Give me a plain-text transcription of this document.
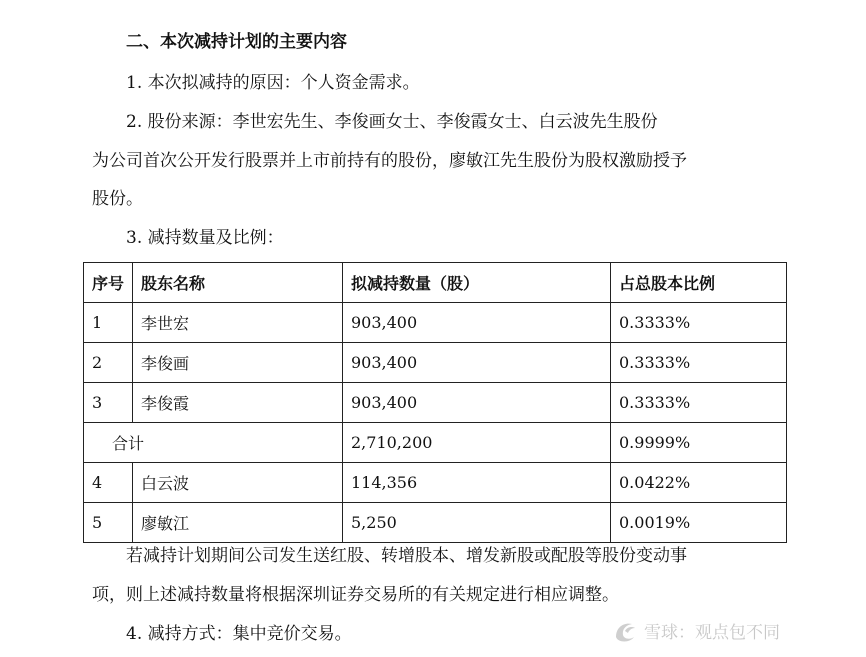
二、本次减持计划的主要内容
1. 本次拟减持的原因：个人资金需求。
2. 股份来源：李世宏先生、李俊画女士、李俊霞女士、白云波先生股份
为公司首次公开发行股票并上市前持有的股份，廖敏江先生股份为股权激励授予
股份。
3. 减持数量及比例：
序号	股东名称	拟减持数量（股）	占总股本比例
1	李世宏	903,400	0.3333%
2	李俊画	903,400	0.3333%
3	李俊霞	903,400	0.3333%
合计		2,710,200	0.9999%
4	白云波	114,356	0.0422%
5	廖敏江	5,250	0.0019%
若减持计划期间公司发生送红股、转增股本、增发新股或配股等股份变动事
项，则上述减持数量将根据深圳证券交易所的有关规定进行相应调整。
4. 减持方式：集中竞价交易。	雪球：观点包不同
